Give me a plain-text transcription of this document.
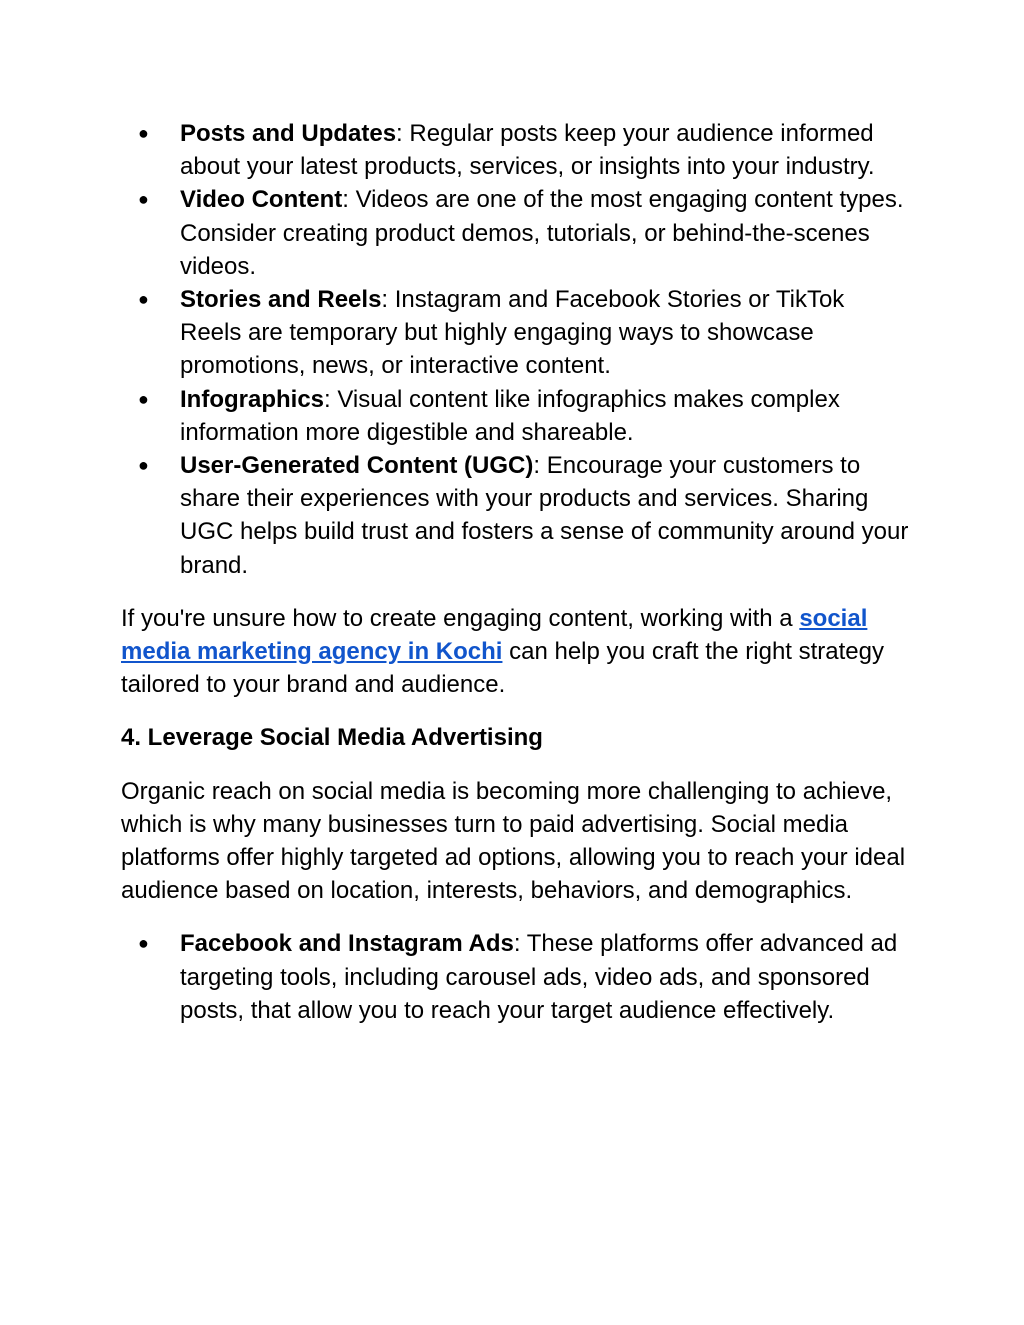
● Posts and Updates: Regular posts keep your audience informed about your latest products, services, or insights into your industry.
● Video Content: Videos are one of the most engaging content types. Consider creating product demos, tutorials, or behind-the-scenes videos.
● Stories and Reels: Instagram and Facebook Stories or TikTok Reels are temporary but highly engaging ways to showcase promotions, news, or interactive content.
● Infographics: Visual content like infographics makes complex information more digestible and shareable.
● User-Generated Content (UGC): Encourage your customers to share their experiences with your products and services. Sharing UGC helps build trust and fosters a sense of community around your brand.

If you're unsure how to create engaging content, working with a social media marketing agency in Kochi can help you craft the right strategy tailored to your brand and audience.

4. Leverage Social Media Advertising

Organic reach on social media is becoming more challenging to achieve, which is why many businesses turn to paid advertising. Social media platforms offer highly targeted ad options, allowing you to reach your ideal audience based on location, interests, behaviors, and demographics.

● Facebook and Instagram Ads: These platforms offer advanced ad targeting tools, including carousel ads, video ads, and sponsored posts, that allow you to reach your target audience effectively.
